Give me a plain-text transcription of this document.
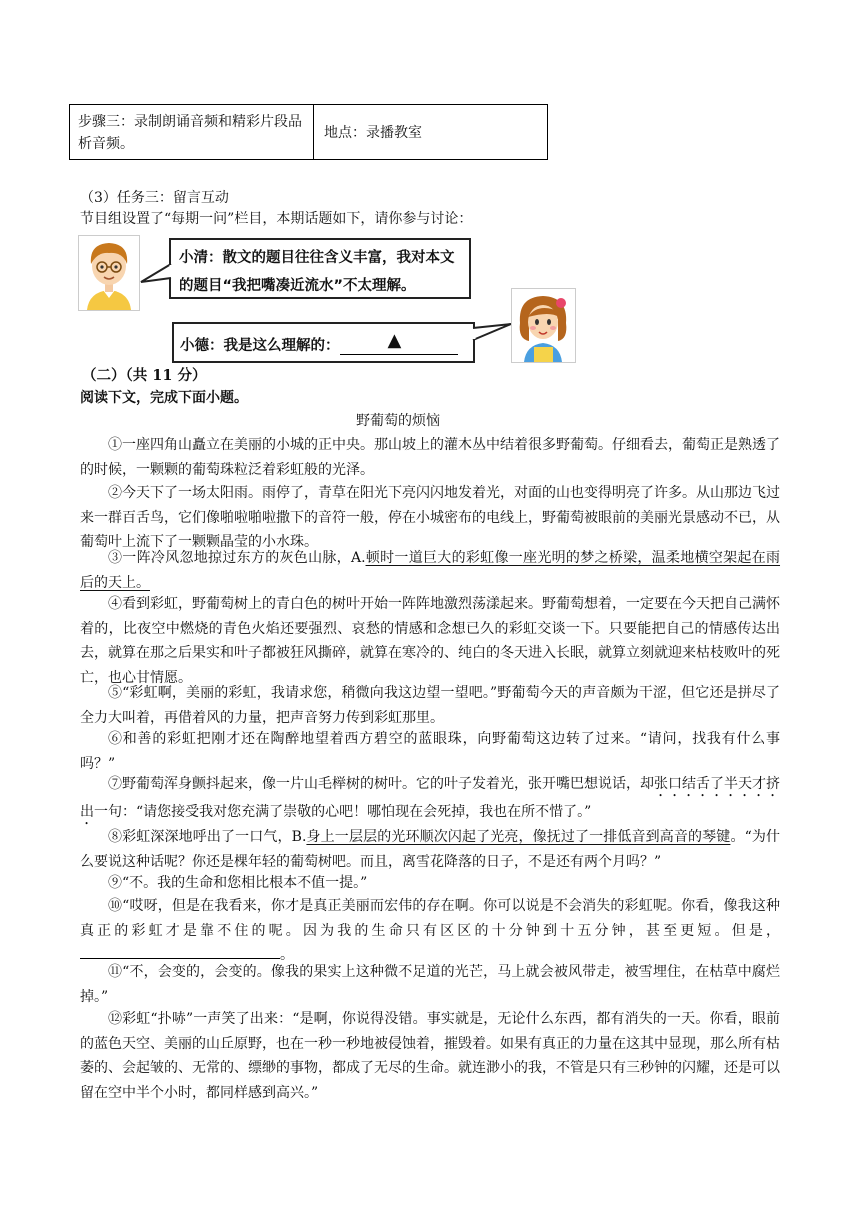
步骤三：录制朗诵音频和精彩片段品析音频。
地点：录播教室
（3）任务三：留言互动
节目组设置了“每期一问”栏目，本期话题如下，请你参与讨论：
小清：散文的题目往往含义丰富，我对本文
的题目“我把嘴凑近流水”不太理解。
小德：我是这么理解的：	▲
（二）（共 11 分）
阅读下文，完成下面小题。
野葡萄的烦恼
①一座四角山矗立在美丽的小城的正中央。那山坡上的灌木丛中结着很多野葡萄。仔细看去，葡萄正是熟透了的时候，一颗颗的葡萄珠粒泛着彩虹般的光泽。
②今天下了一场太阳雨。雨停了，青草在阳光下亮闪闪地发着光，对面的山也变得明亮了许多。从山那边飞过来一群百舌鸟，它们像啪啦啪啦撒下的音符一般，停在小城密布的电线上，野葡萄被眼前的美丽光景感动不已，从葡萄叶上流下了一颗颗晶莹的小水珠。
③一阵冷风忽地掠过东方的灰色山脉，A.顿时一道巨大的彩虹像一座光明的梦之桥梁，温柔地横空架起在雨后的天上。
④看到彩虹，野葡萄树上的青白色的树叶开始一阵阵地激烈荡漾起来。野葡萄想着，一定要在今天把自己满怀着的，比夜空中燃烧的青色火焰还要强烈、哀愁的情感和念想已久的彩虹交谈一下。只要能把自己的情感传达出去，就算在那之后果实和叶子都被狂风撕碎，就算在寒冷的、纯白的冬天进入长眠，就算立刻就迎来枯枝败叶的死亡，也心甘情愿。
⑤“彩虹啊，美丽的彩虹，我请求您，稍微向我这边望一望吧。”野葡萄今天的声音颇为干涩，但它还是拼尽了全力大叫着，再借着风的力量，把声音努力传到彩虹那里。
⑥和善的彩虹把刚才还在陶醉地望着西方碧空的蓝眼珠，向野葡萄这边转了过来。“请问，找我有什么事吗？”
⑦野葡萄浑身颤抖起来，像一片山毛榉树的树叶。它的叶子发着光，张开嘴巴想说话，却张口结舌了半天才挤出一句：“请您接受我对您充满了崇敬的心吧！哪怕现在会死掉，我也在所不惜了。”
⑧彩虹深深地呼出了一口气，B.身上一层层的光环顺次闪起了光亮，像抚过了一排低音到高音的琴键。“为什么要说这种话呢？你还是棵年轻的葡萄树吧。而且，离雪花降落的日子，不是还有两个月吗？”
⑨“不。我的生命和您相比根本不值一提。”
⑩“哎呀，但是在我看来，你才是真正美丽而宏伟的存在啊。你可以说是不会消失的彩虹呢。你看，像我这种真正的彩虹才是靠不住的呢。因为我的生命只有区区的十分钟到十五分钟，甚至更短。但是，。
⑪“不，会变的，会变的。像我的果实上这种微不足道的光芒，马上就会被风带走，被雪埋住，在枯草中腐烂掉。”
⑫彩虹“扑哧”一声笑了出来：“是啊，你说得没错。事实就是，无论什么东西，都有消失的一天。你看，眼前的蓝色天空、美丽的山丘原野，也在一秒一秒地被侵蚀着，摧毁着。如果有真正的力量在这其中显现，那么所有枯萎的、会起皱的、无常的、缥缈的事物，都成了无尽的生命。就连渺小的我，不管是只有三秒钟的闪耀，还是可以留在空中半个小时，都同样感到高兴。”
